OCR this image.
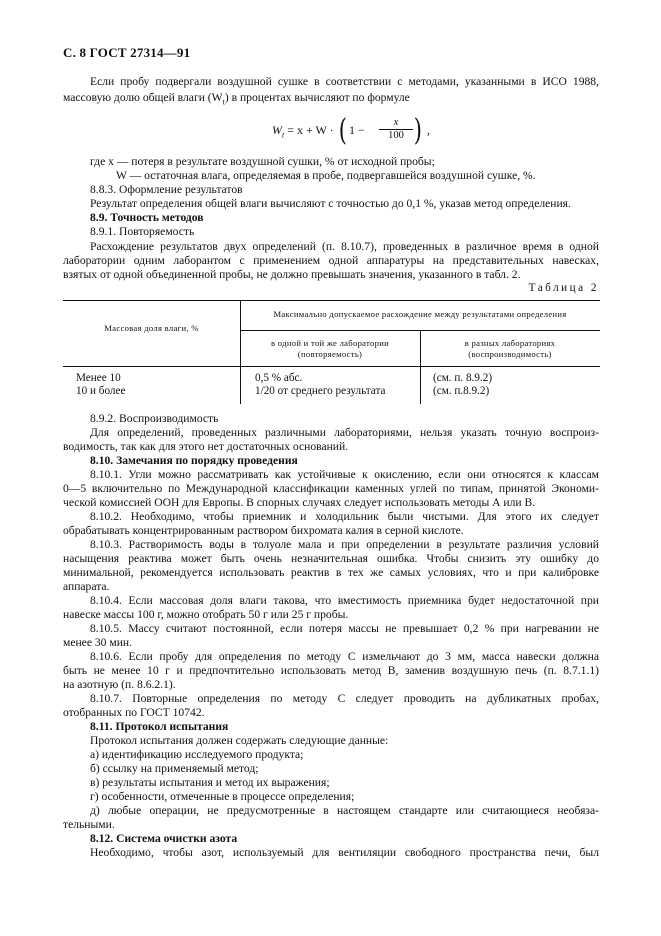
С. 8 ГОСТ 27314—91
Если пробу подвергали воздушной сушке в соответствии с методами, указанными в ИСО 1988,
массовую долю общей влаги $(W_t)$ в процентах вычисляют по формуле
$W_t = x + W$ · ( $1 - \frac{x}{100}$ ) ,
где x — потеря в результате воздушной сушки, % от исходной пробы;
W — остаточная влага, определяемая в пробе, подвергавшейся воздушной сушке, %.
8.8.3. Оформление результатов
Результат определения общей влаги вычисляют с точностью до 0,1 %, указав метод определения.
8.9. Точность методов
8.9.1. Повторяемость
Расхождение результатов двух определений (п. 8.10.7), проведенных в различное время в одной
лаборатории одним лаборантом с применением одной аппаратуры на представительных навесках,
взятых от одной объединенной пробы, не должно превышать значения, указанного в табл. 2.
Таблица 2
Массовая доля влаги, %
Максимально допускаемое расхождение между результатами определения
в одной и той же лаборатории
(повторяемость)
в разных лабораториях
(воспроизводимость)
Менее 10	0,5 % абс.	(см. п. 8.9.2)
10 и более	1/20 от среднего результата	(см. п.8.9.2)
8.9.2. Воспроизводимость
Для определений, проведенных различными лабораториями, нельзя указать точную воспроиз-
водимость, так как для этого нет достаточных оснований.
8.10. Замечания по порядку проведения
8.10.1. Угли можно рассматривать как устойчивые к окислению, если они относятся к классам
0—5 включительно по Международной классификации каменных углей по типам, принятой Экономи-
ческой комиссией ООН для Европы. В спорных случаях следует использовать методы А или В.
8.10.2. Необходимо, чтобы приемник и холодильник были чистыми. Для этого их следует
обрабатывать концентрированным раствором бихромата калия в серной кислоте.
8.10.3. Растворимость воды в толуоле мала и при определении в результате различия условий
насыщения реактива может быть очень незначительная ошибка. Чтобы снизить эту ошибку до
минимальной, рекомендуется использовать реактив в тех же самых условиях, что и при калибровке
аппарата.
8.10.4. Если массовая доля влаги такова, что вместимость приемника будет недостаточной при
навеске массы 100 г, можно отобрать 50 г или 25 г пробы.
8.10.5. Массу считают постоянной, если потеря массы не превышает 0,2 % при нагревании не
менее 30 мин.
8.10.6. Если пробу для определения по методу С измельчают до 3 мм, масса навески должна
быть не менее 10 г и предпочтительно использовать метод В, заменив воздушную печь (п. 8.7.1.1)
на азотную (п. 8.6.2.1).
8.10.7. Повторные определения по методу С следует проводить на дубликатных пробах,
отобранных по ГОСТ 10742.
8.11. Протокол испытания
Протокол испытания должен содержать следующие данные:
а) идентификацию исследуемого продукта;
б) ссылку на применяемый метод;
в) результаты испытания и метод их выражения;
г) особенности, отмеченные в процессе определения;
д) любые операции, не предусмотренные в настоящем стандарте или считающиеся необяза-
тельными.
8.12. Система очистки азота
Необходимо, чтобы азот, используемый для вентиляции свободного пространства печи, был
